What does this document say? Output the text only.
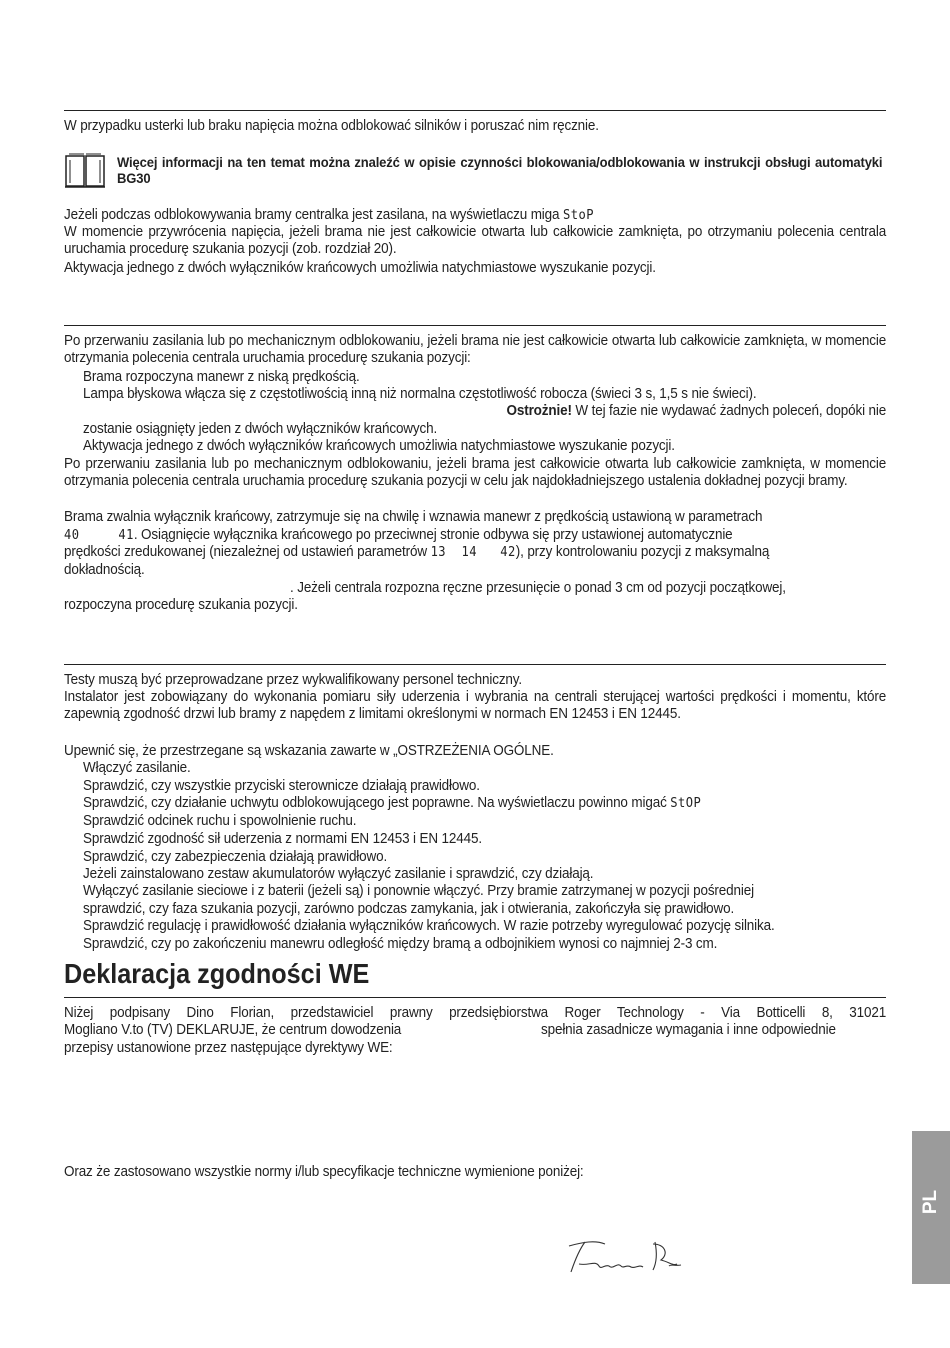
W przypadku usterki lub braku napięcia można odblokować silników i poruszać nim ręcznie.
Więcej informacji na ten temat można znaleźć w opisie czynności blokowania/odblokowania w instrukcji obsługi automatyki BG30
Jeżeli podczas odblokowywania bramy centralka jest zasilana, na wyświetlaczu miga StoP
W momencie przywrócenia napięcia, jeżeli brama nie jest całkowicie otwarta lub całkowicie zamknięta, po otrzymaniu polecenia centrala uruchamia procedurę szukania pozycji (zob. rozdział 20).
Aktywacja jednego z dwóch wyłączników krańcowych umożliwia natychmiastowe wyszukanie pozycji.
Po przerwaniu zasilania lub po mechanicznym odblokowaniu, jeżeli brama nie jest całkowicie otwarta lub całkowicie zamknięta, w momencie otrzymania polecenia centrala uruchamia procedurę szukania pozycji:
Brama rozpoczyna manewr z niską prędkością.
Lampa błyskowa włącza się z częstotliwością inną niż normalna częstotliwość robocza (świeci 3 s, 1,5 s nie świeci).
Ostrożnie! W tej fazie nie wydawać żadnych poleceń, dopóki nie
zostanie osiągnięty jeden z dwóch wyłączników krańcowych.
Aktywacja jednego z dwóch wyłączników krańcowych umożliwia natychmiastowe wyszukanie pozycji.
Po przerwaniu zasilania lub po mechanicznym odblokowaniu, jeżeli brama jest całkowicie otwarta lub całkowicie zamknięta, w momencie otrzymania polecenia centrala uruchamia procedurę szukania pozycji w celu jak najdokładniejszego ustalenia dokładnej pozycji bramy.
Brama zwalnia wyłącznik krańcowy, zatrzymuje się na chwilę i wznawia manewr z prędkością ustawioną w parametrach
40	41. Osiągnięcie wyłącznika krańcowego po przeciwnej stronie odbywa się przy ustawionej automatycznie
prędkości zredukowanej (niezależnej od ustawień parametrów 13  14   42), przy kontrolowaniu pozycji z maksymalną
dokładnością.
. Jeżeli centrala rozpozna ręczne przesunięcie o ponad 3 cm od pozycji początkowej,
rozpoczyna procedurę szukania pozycji.
Testy muszą być przeprowadzane przez wykwalifikowany personel techniczny.
Instalator jest zobowiązany do wykonania pomiaru siły uderzenia i wybrania na centrali sterującej wartości prędkości i momentu, które zapewnią zgodność drzwi lub bramy z napędem z limitami określonymi w normach EN 12453 i EN 12445.
Upewnić się, że przestrzegane są wskazania zawarte w „OSTRZEŻENIA OGÓLNE.
Włączyć zasilanie.
Sprawdzić, czy wszystkie przyciski sterownicze działają prawidłowo.
Sprawdzić, czy działanie uchwytu odblokowującego jest poprawne. Na wyświetlaczu powinno migać StOP
Sprawdzić odcinek ruchu i spowolnienie ruchu.
Sprawdzić zgodność sił uderzenia z normami EN 12453 i EN 12445.
Sprawdzić, czy zabezpieczenia działają prawidłowo.
Jeżeli zainstalowano zestaw akumulatorów wyłączyć zasilanie i sprawdzić, czy działają.
Wyłączyć zasilanie sieciowe i z baterii (jeżeli są) i ponownie włączyć. Przy bramie zatrzymanej w pozycji pośredniej
sprawdzić, czy faza szukania pozycji, zarówno podczas zamykania, jak i otwierania, zakończyła się prawidłowo.
Sprawdzić regulację i prawidłowość działania wyłączników krańcowych. W razie potrzeby wyregulować pozycję silnika.
Sprawdzić, czy po zakończeniu manewru odległość między bramą a odbojnikiem wynosi co najmniej 2-3 cm.
Deklaracja zgodności WE
Niżej podpisany Dino Florian, przedstawiciel prawny przedsiębiorstwa Roger Technology - Via Botticelli 8, 31021
Mogliano V.to (TV) DEKLARUJE, że centrum dowodzenia	spełnia zasadnicze wymagania i inne odpowiednie
przepisy ustanowione przez następujące dyrektywy WE:
Oraz że zastosowano wszystkie normy i/lub specyfikacje techniczne wymienione poniżej:
PL
